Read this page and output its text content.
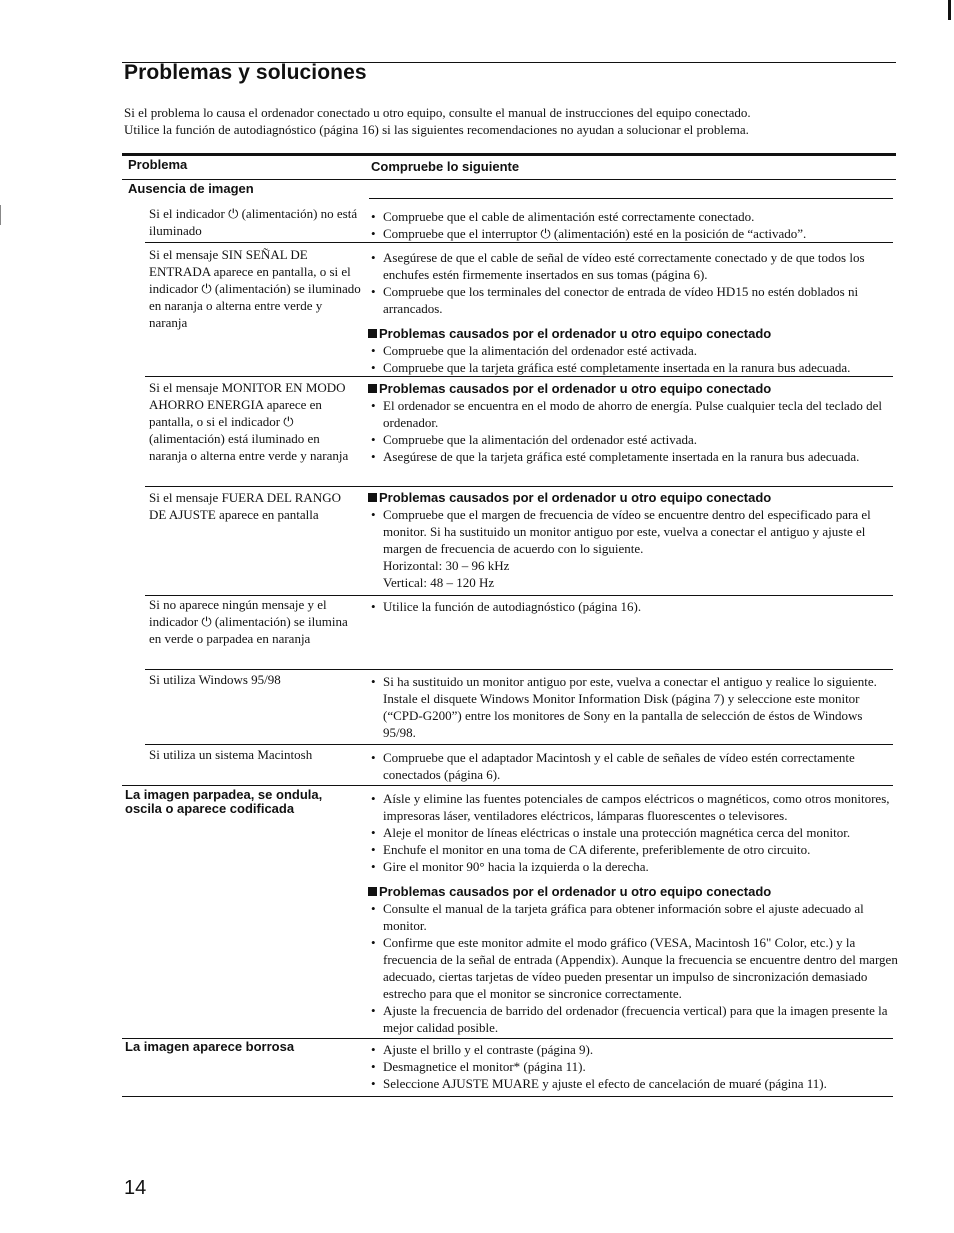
Problemas y soluciones

Si el problema lo causa el ordenador conectado u otro equipo, consulte el manual de instrucciones del equipo conectado.

Utilice la función de autodiagnóstico (página 16) si las siguientes recomendaciones no ayudan a solucionar el problema.

Problema	Compruebe lo siguiente
Ausencia de imagen
Si el indicador ⏻ (alimentación) no está iluminado
• Compruebe que el cable de alimentación esté correctamente conectado.
• Compruebe que el interruptor ⏻ (alimentación) esté en la posición de “activado”.
Si el mensaje SIN SEÑAL DE ENTRADA aparece en pantalla, o si el indicador ⏻ (alimentación) se iluminado en naranja o alterna entre verde y naranja
• Asegúrese de que el cable de señal de vídeo esté correctamente conectado y de que todos los enchufes estén firmemente insertados en sus tomas (página 6).
• Compruebe que los terminales del conector de entrada de vídeo HD15 no estén doblados ni arrancados.
Problemas causados por el ordenador u otro equipo conectado
• Compruebe que la alimentación del ordenador esté activada.
• Compruebe que la tarjeta gráfica esté completamente insertada en la ranura bus adecuada.
Si el mensaje MONITOR EN MODO AHORRO ENERGIA aparece en pantalla, o si el indicador ⏻ (alimentación) está iluminado en naranja o alterna entre verde y naranja
Problemas causados por el ordenador u otro equipo conectado
• El ordenador se encuentra en el modo de ahorro de energía. Pulse cualquier tecla del teclado del ordenador.
• Compruebe que la alimentación del ordenador esté activada.
• Asegúrese de que la tarjeta gráfica esté completamente insertada en la ranura bus adecuada.
Si el mensaje FUERA DEL RANGO DE AJUSTE aparece en pantalla
Problemas causados por el ordenador u otro equipo conectado
• Compruebe que el margen de frecuencia de vídeo se encuentre dentro del especificado para el monitor. Si ha sustituido un monitor antiguo por este, vuelva a conectar el antiguo y ajuste el margen de frecuencia de acuerdo con lo siguiente.
Horizontal: 30 – 96 kHz
Vertical: 48 – 120 Hz
Si no aparece ningún mensaje y el indicador ⏻ (alimentación) se ilumina en verde o parpadea en naranja
• Utilice la función de autodiagnóstico (página 16).
Si utiliza Windows 95/98	• Si ha sustituido un monitor antiguo por este, vuelva a conectar el antiguo y realice lo siguiente. Instale el disquete Windows Monitor Information Disk (página 7) y seleccione este monitor (“CPD-G200”) entre los monitores de Sony en la pantalla de selección de éstos de Windows 95/98.
Si utiliza un sistema Macintosh	• Compruebe que el adaptador Macintosh y el cable de señales de vídeo estén correctamente conectados (página 6).
La imagen parpadea, se ondula, oscila o aparece codificada
• Aísle y elimine las fuentes potenciales de campos eléctricos o magnéticos, como otros monitores, impresoras láser, ventiladores eléctricos, lámparas fluorescentes o televisores.
• Aleje el monitor de líneas eléctricas o instale una protección magnética cerca del monitor.
• Enchufe el monitor en una toma de CA diferente, preferiblemente de otro circuito.
• Gire el monitor 90° hacia la izquierda o la derecha.
Problemas causados por el ordenador u otro equipo conectado
• Consulte el manual de la tarjeta gráfica para obtener información sobre el ajuste adecuado al monitor.
• Confirme que este monitor admite el modo gráfico (VESA, Macintosh 16" Color, etc.) y la frecuencia de la señal de entrada (Appendix). Aunque la frecuencia se encuentre dentro del margen adecuado, ciertas tarjetas de vídeo pueden presentar un impulso de sincronización demasiado estrecho para que el monitor se sincronice correctamente.
• Ajuste la frecuencia de barrido del ordenador (frecuencia vertical) para que la imagen presente la mejor calidad posible.
La imagen aparece borrosa	• Ajuste el brillo y el contraste (página 9).
• Desmagnetice el monitor* (página 11).
• Seleccione AJUSTE MUARE y ajuste el efecto de cancelación de muaré (página 11).
14
